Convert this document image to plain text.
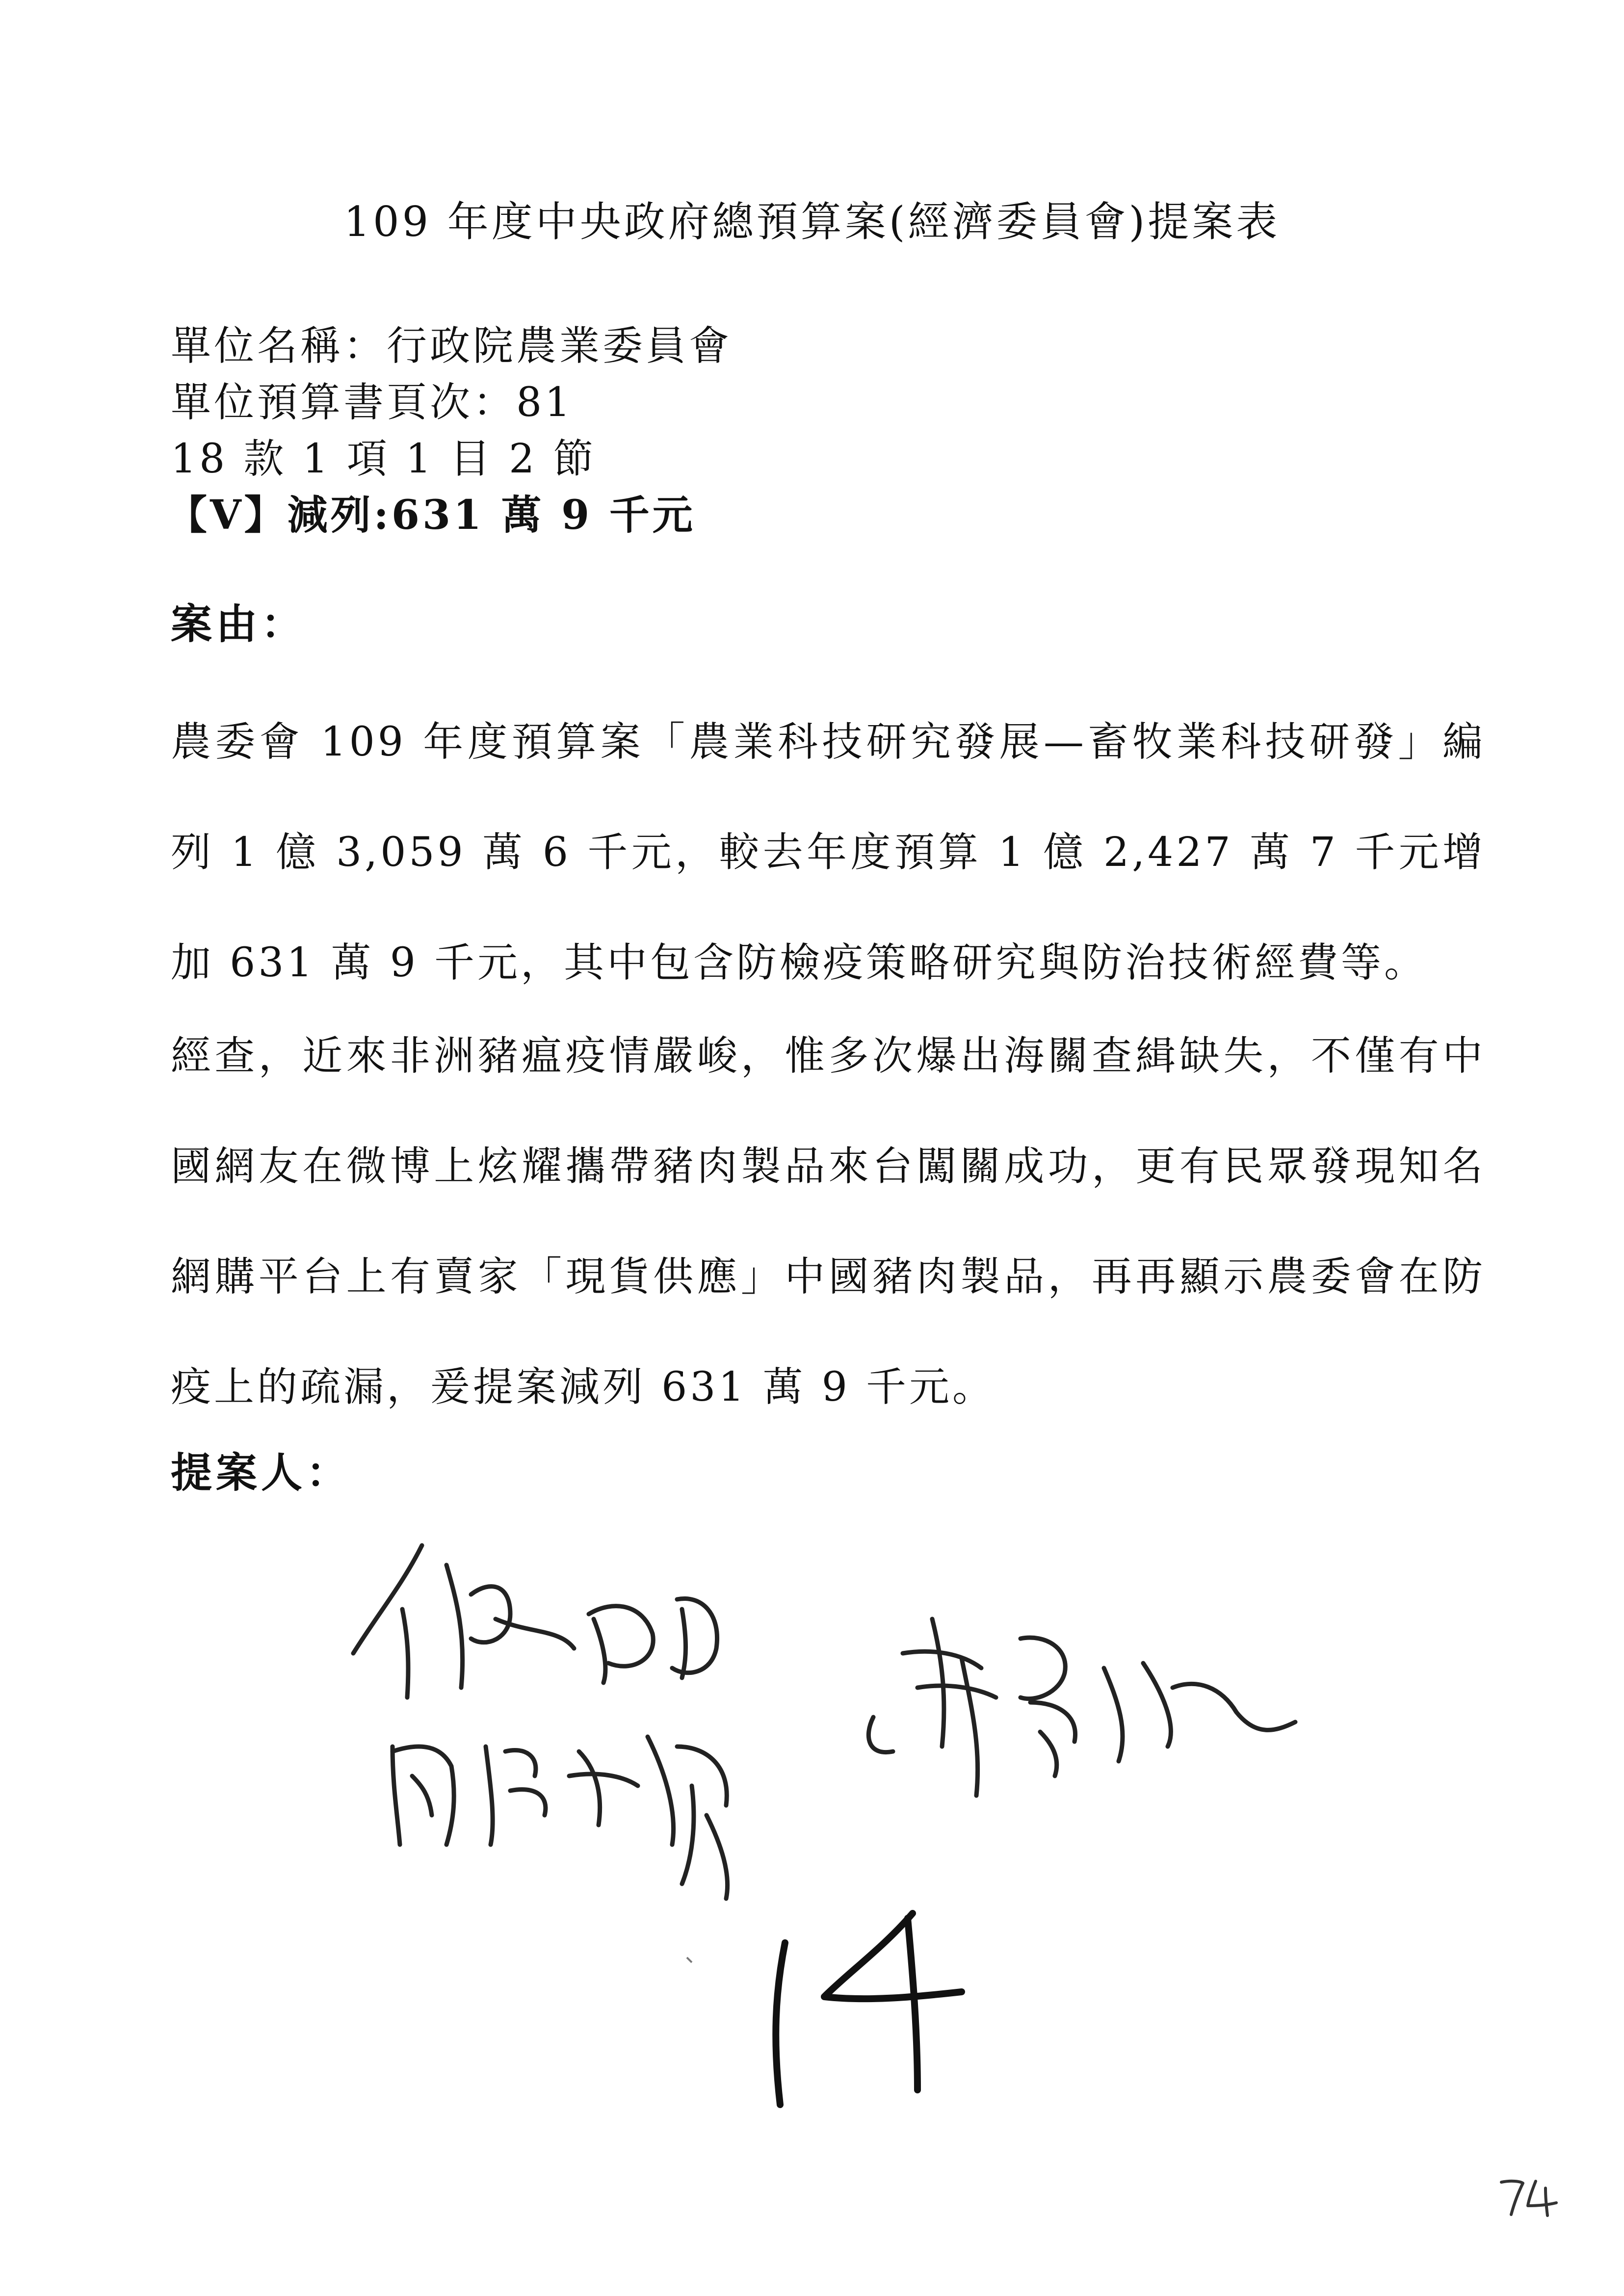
109 年度中央政府總預算案(經濟委員會)提案表
單位名稱：行政院農業委員會
單位預算書頁次：81
18 款 1 項 1 目 2 節
【V】減列:631 萬 9 千元
案由：

農委會 109 年度預算案「農業科技研究發展—畜牧業科技研發」編列 1 億 3,059 萬 6 千元，較去年度預算 1 億 2,427 萬 7 千元增加 631 萬 9 千元，其中包含防檢疫策略研究與防治技術經費等。

經查，近來非洲豬瘟疫情嚴峻，惟多次爆出海關查緝缺失，不僅有中國網友在微博上炫耀攜帶豬肉製品來台闖關成功，更有民眾發現知名網購平台上有賣家「現貨供應」中國豬肉製品，再再顯示農委會在防疫上的疏漏，爰提案減列 631 萬 9 千元。

提案人：
